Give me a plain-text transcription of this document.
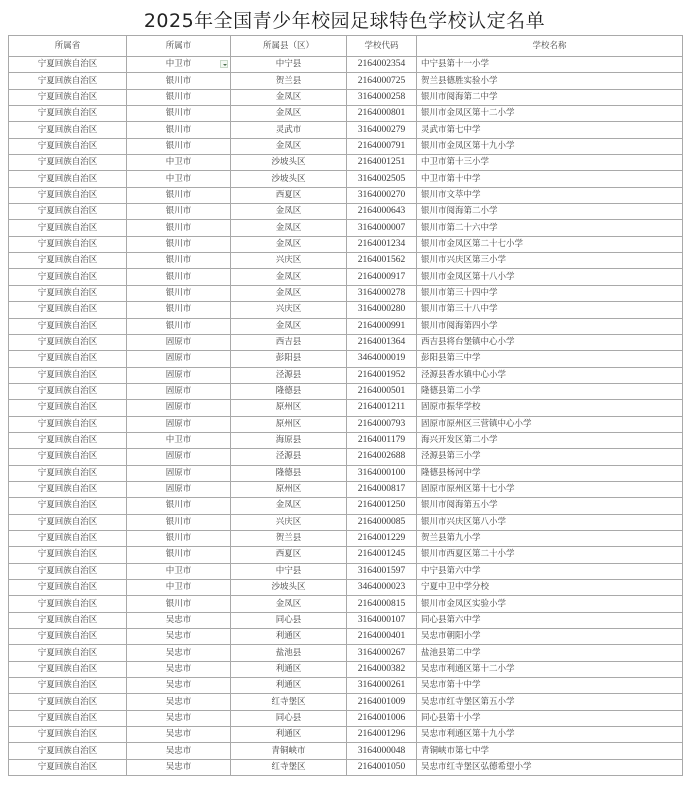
2025年全国青少年校园足球特色学校认定名单
所属省	所属市	所属县（区）	学校代码	学校名称
宁夏回族自治区	中卫市	中宁县	2164002354	中宁县第十一小学
宁夏回族自治区	银川市	贺兰县	2164000725	贺兰县德胜实验小学
宁夏回族自治区	银川市	金凤区	3164000258	银川市阅海第二中学
宁夏回族自治区	银川市	金凤区	2164000801	银川市金凤区第十二小学
宁夏回族自治区	银川市	灵武市	3164000279	灵武市第七中学
宁夏回族自治区	银川市	金凤区	2164000791	银川市金凤区第十九小学
宁夏回族自治区	中卫市	沙坡头区	2164001251	中卫市第十三小学
宁夏回族自治区	中卫市	沙坡头区	3164002505	中卫市第十中学
宁夏回族自治区	银川市	西夏区	3164000270	银川市文萃中学
宁夏回族自治区	银川市	金凤区	2164000643	银川市阅海第二小学
宁夏回族自治区	银川市	金凤区	3164000007	银川市第二十六中学
宁夏回族自治区	银川市	金凤区	2164001234	银川市金凤区第二十七小学
宁夏回族自治区	银川市	兴庆区	2164001562	银川市兴庆区第三小学
宁夏回族自治区	银川市	金凤区	2164000917	银川市金凤区第十八小学
宁夏回族自治区	银川市	金凤区	3164000278	银川市第三十四中学
宁夏回族自治区	银川市	兴庆区	3164000280	银川市第三十八中学
宁夏回族自治区	银川市	金凤区	2164000991	银川市阅海第四小学
宁夏回族自治区	固原市	西吉县	2164001364	西吉县将台堡镇中心小学
宁夏回族自治区	固原市	彭阳县	3464000019	彭阳县第三中学
宁夏回族自治区	固原市	泾源县	2164001952	泾源县香水镇中心小学
宁夏回族自治区	固原市	隆德县	2164000501	隆德县第二小学
宁夏回族自治区	固原市	原州区	2164001211	固原市振华学校
宁夏回族自治区	固原市	原州区	2164000793	固原市原州区三营镇中心小学
宁夏回族自治区	中卫市	海原县	2164001179	海兴开发区第二小学
宁夏回族自治区	固原市	泾源县	2164002688	泾源县第三小学
宁夏回族自治区	固原市	隆德县	3164000100	隆德县杨河中学
宁夏回族自治区	固原市	原州区	2164000817	固原市原州区第十七小学
宁夏回族自治区	银川市	金凤区	2164001250	银川市阅海第五小学
宁夏回族自治区	银川市	兴庆区	2164000085	银川市兴庆区第八小学
宁夏回族自治区	银川市	贺兰县	2164001229	贺兰县第九小学
宁夏回族自治区	银川市	西夏区	2164001245	银川市西夏区第二十小学
宁夏回族自治区	中卫市	中宁县	3164001597	中宁县第六中学
宁夏回族自治区	中卫市	沙坡头区	3464000023	宁夏中卫中学分校
宁夏回族自治区	银川市	金凤区	2164000815	银川市金凤区实验小学
宁夏回族自治区	吴忠市	同心县	3164000107	同心县第六中学
宁夏回族自治区	吴忠市	利通区	2164000401	吴忠市朝阳小学
宁夏回族自治区	吴忠市	盐池县	3164000267	盐池县第二中学
宁夏回族自治区	吴忠市	利通区	2164000382	吴忠市利通区第十二小学
宁夏回族自治区	吴忠市	利通区	3164000261	吴忠市第十中学
宁夏回族自治区	吴忠市	红寺堡区	2164001009	吴忠市红寺堡区第五小学
宁夏回族自治区	吴忠市	同心县	2164001006	同心县第十小学
宁夏回族自治区	吴忠市	利通区	2164001296	吴忠市利通区第十九小学
宁夏回族自治区	吴忠市	青铜峡市	3164000048	青铜峡市第七中学
宁夏回族自治区	吴忠市	红寺堡区	2164001050	吴忠市红寺堡区弘德希望小学
